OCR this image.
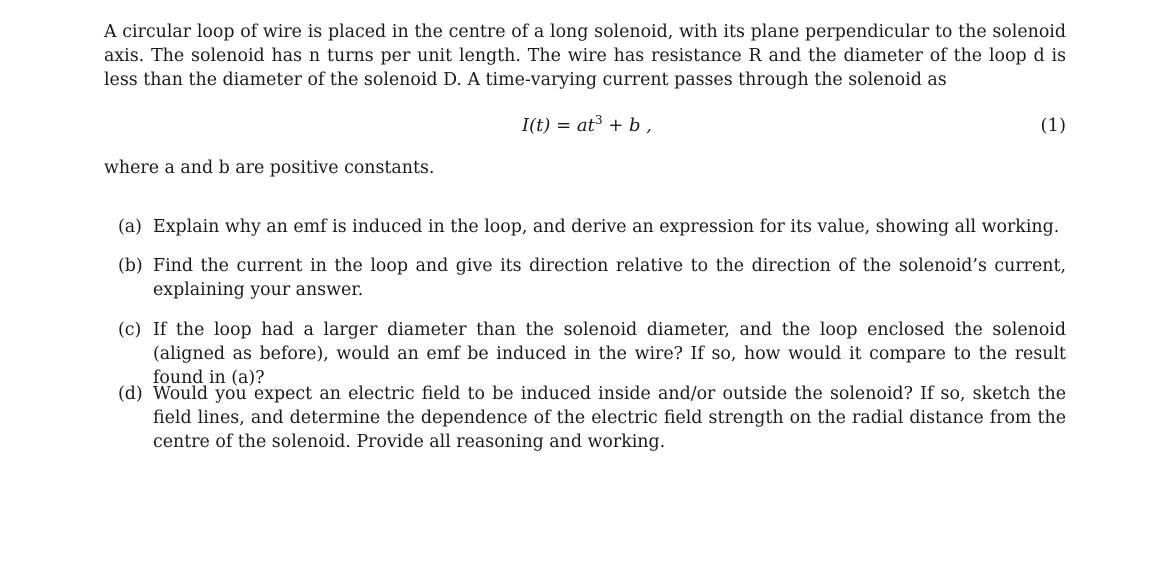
A circular loop of wire is placed in the centre of a long solenoid, with its plane perpendicular to the solenoid axis. The solenoid has n turns per unit length. The wire has resistance R and the diameter of the loop d is less than the diameter of the solenoid D. A time-varying current passes through the solenoid as

$I(t) = at^3 + b$ ,	(1)
where a and b are positive constants.
(a) Explain why an emf is induced in the loop, and derive an expression for its value, showing all working.
(b) Find the current in the loop and give its direction relative to the direction of the solenoid’s current, explaining your answer.
(c) If the loop had a larger diameter than the solenoid diameter, and the loop enclosed the solenoid (aligned as before), would an emf be induced in the wire? If so, how would it compare to the result found in (a)?
(d) Would you expect an electric field to be induced inside and/or outside the solenoid? If so, sketch the field lines, and determine the dependence of the electric field strength on the radial distance from the centre of the solenoid. Provide all reasoning and working.
